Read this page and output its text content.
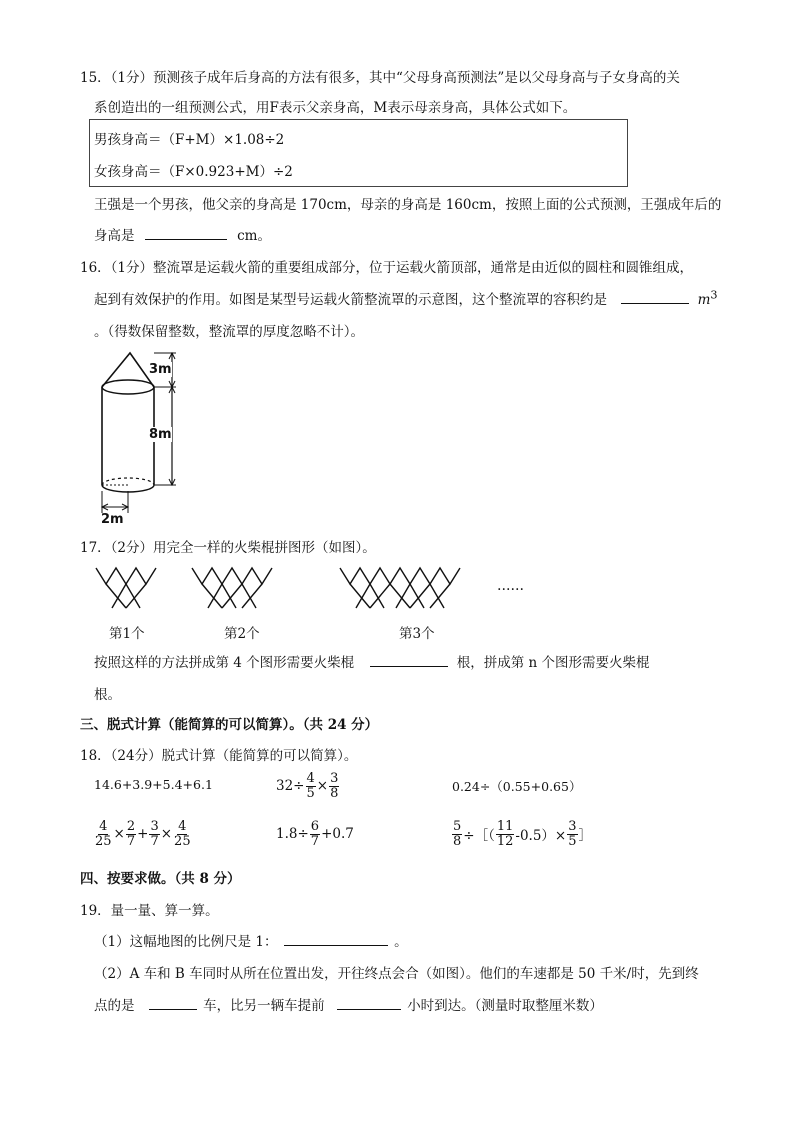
15．（1分）预测孩子成年后身高的方法有很多，其中“父母身高预测法”是以父母身高与子女身高的关
系创造出的一组预测公式，用F表示父亲身高，M表示母亲身高，具体公式如下。
男孩身高＝（F+M）×1.08÷2
女孩身高＝（F×0.923+M）÷2
王强是一个男孩，他父亲的身高是 170cm，母亲的身高是 160cm，按照上面的公式预测，王强成年后的
身高是	cm。
16．（1分）整流罩是运载火箭的重要组成部分，位于运载火箭顶部，通常是由近似的圆柱和圆锥组成，
起到有效保护的作用。如图是某型号运载火箭整流罩的示意图，这个整流罩的容积约是	$m^3$
。（得数保留整数，整流罩的厚度忽略不计）。
3m
8m
2m
17．（2分）用完全一样的火柴棍拼图形（如图）。
……
第1个	第2个	第3个
按照这样的方法拼成第 4 个图形需要火柴棍	根，拼成第 n 个图形需要火柴棍
根。
三、脱式计算（能简算的可以简算）。（共 24 分）
18．（24分）脱式计算（能简算的可以简算）。
14.6+3.9+5.4+6.1	$32\div \frac{4}{5} \times \frac{3}{8}$	0.24÷（0.55+0.65）
$\frac{4}{25} \times \frac{2}{7} + \frac{3}{7} \times \frac{4}{25}$	$1.8\div \frac{6}{7} +0.7$	$\frac{5}{8}$ ÷［（ $\frac{11}{12} -0.5)\times \frac{3}{5}$ ］
四、按要求做。（共 8 分）
19．量一量、算一算。
（1）这幅地图的比例尺是 1：	。
（2）A 车和 B 车同时从所在位置出发，开往终点会合（如图）。他们的车速都是 50 千米/时，先到终
点的是	车，比另一辆车提前	小时到达。（测量时取整厘米数）
